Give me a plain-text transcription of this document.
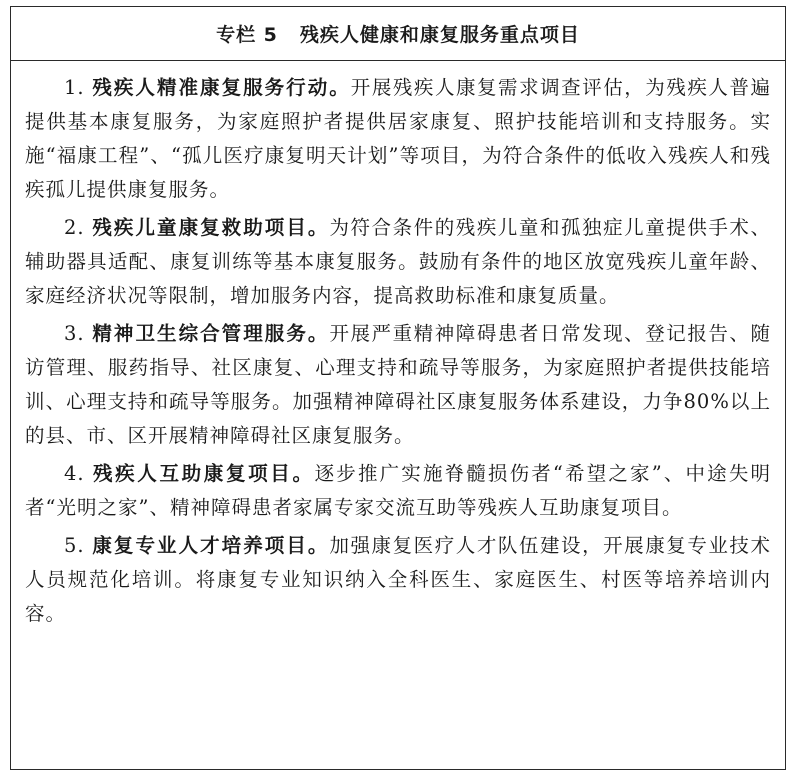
专栏 5 残疾人健康和康复服务重点项目

1. 残疾人精准康复服务行动。开展残疾人康复需求调查评估，为残疾人普遍提供基本康复服务，为家庭照护者提供居家康复、照护技能培训和支持服务。实施“福康工程”、“孤儿医疗康复明天计划”等项目，为符合条件的低收入残疾人和残疾孤儿提供康复服务。

2. 残疾儿童康复救助项目。为符合条件的残疾儿童和孤独症儿童提供手术、辅助器具适配、康复训练等基本康复服务。鼓励有条件的地区放宽残疾儿童年龄、家庭经济状况等限制，增加服务内容，提高救助标准和康复质量。

3. 精神卫生综合管理服务。开展严重精神障碍患者日常发现、登记报告、随访管理、服药指导、社区康复、心理支持和疏导等服务，为家庭照护者提供技能培训、心理支持和疏导等服务。加强精神障碍社区康复服务体系建设，力争80%以上的县、市、区开展精神障碍社区康复服务。

4. 残疾人互助康复项目。逐步推广实施脊髓损伤者“希望之家”、中途失明者“光明之家”、精神障碍患者家属专家交流互助等残疾人互助康复项目。

5. 康复专业人才培养项目。加强康复医疗人才队伍建设，开展康复专业技术人员规范化培训。将康复专业知识纳入全科医生、家庭医生、村医等培养培训内容。
